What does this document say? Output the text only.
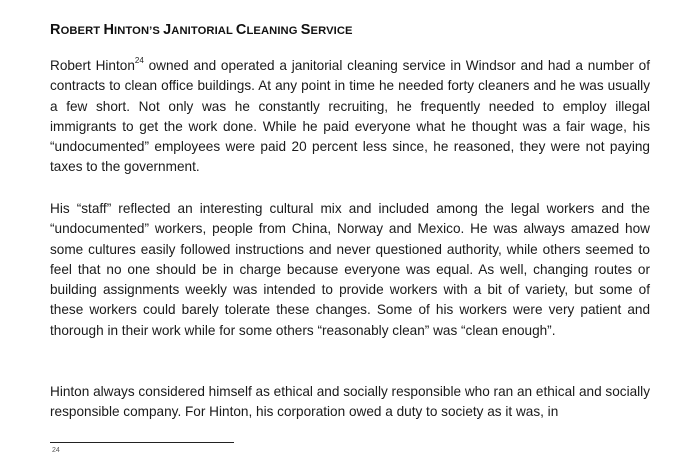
ROBERT HINTON’S JANITORIAL CLEANING SERVICE

Robert Hinton$^{24}$ owned and operated a janitorial cleaning service in Windsor and had a number of contracts to clean office buildings. At any point in time he needed forty cleaners and he was usually a few short. Not only was he constantly recruiting, he frequently needed to employ illegal immigrants to get the work done. While he paid everyone what he thought was a fair wage, his “undocumented” employees were paid 20 percent less since, he reasoned, they were not paying taxes to the government.

His “staff” reflected an interesting cultural mix and included among the legal workers and the “undocumented” workers, people from China, Norway and Mexico. He was always amazed how some cultures easily followed instructions and never questioned authority, while others seemed to feel that no one should be in charge because everyone was equal. As well, changing routes or building assignments weekly was intended to provide workers with a bit of variety, but some of these workers could barely tolerate these changes. Some of his workers were very patient and thorough in their work while for some others “reasonably clean” was “clean enough”.

Hinton always considered himself as ethical and socially responsible who ran an ethical and socially responsible company. For Hinton, his corporation owed a duty to society as it was, in

24
